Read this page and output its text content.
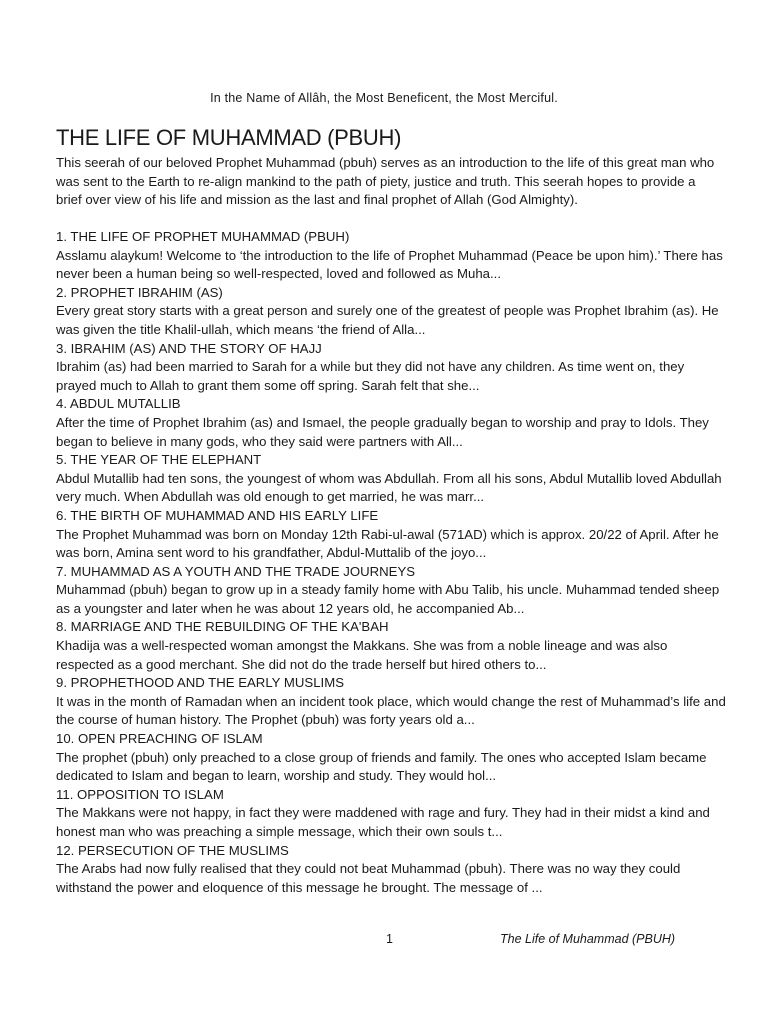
In the Name of Allâh, the Most Beneficent, the Most Merciful.
THE LIFE OF MUHAMMAD (PBUH)

This seerah of our beloved Prophet Muhammad (pbuh) serves as an introduction to the life of this great man who was sent to the Earth to re-align mankind to the path of piety, justice and truth. This seerah hopes to provide a brief over view of his life and mission as the last and final prophet of Allah (God Almighty).

1. THE LIFE OF PROPHET MUHAMMAD (PBUH)
Asslamu alaykum! Welcome to ‘the introduction to the life of Prophet Muhammad (Peace be upon him).’ There has never been a human being so well-respected, loved and followed as Muha...
2. PROPHET IBRAHIM (AS)
Every great story starts with a great person and surely one of the greatest of people was Prophet Ibrahim (as). He was given the title Khalil-ullah, which means ‘the friend of Alla...
3. IBRAHIM (AS) AND THE STORY OF HAJJ
Ibrahim (as) had been married to Sarah for a while but they did not have any children. As time went on, they prayed much to Allah to grant them some off spring. Sarah felt that she...
4. ABDUL MUTALLIB
After the time of Prophet Ibrahim (as) and Ismael, the people gradually began to worship and pray to Idols. They began to believe in many gods, who they said were partners with All...
5. THE YEAR OF THE ELEPHANT
Abdul Mutallib had ten sons, the youngest of whom was Abdullah. From all his sons, Abdul Mutallib loved Abdullah very much. When Abdullah was old enough to get married, he was marr...
6. THE BIRTH OF MUHAMMAD AND HIS EARLY LIFE
The Prophet Muhammad was born on Monday 12th Rabi-ul-awal (571AD) which is approx. 20/22 of April. After he was born, Amina sent word to his grandfather, Abdul-Muttalib of the joyo...
7. MUHAMMAD AS A YOUTH AND THE TRADE JOURNEYS
Muhammad (pbuh) began to grow up in a steady family home with Abu Talib, his uncle. Muhammad tended sheep as a youngster and later when he was about 12 years old, he accompanied Ab...
8. MARRIAGE AND THE REBUILDING OF THE KA'BAH
Khadija was a well-respected woman amongst the Makkans. She was from a noble lineage and was also respected as a good merchant. She did not do the trade herself but hired others to...
9. PROPHETHOOD AND THE EARLY MUSLIMS
It was in the month of Ramadan when an incident took place, which would change the rest of Muhammad’s life and the course of human history. The Prophet (pbuh) was forty years old a...
10. OPEN PREACHING OF ISLAM
The prophet (pbuh) only preached to a close group of friends and family. The ones who accepted Islam became dedicated to Islam and began to learn, worship and study. They would hol...
11. OPPOSITION TO ISLAM
The Makkans were not happy, in fact they were maddened with rage and fury. They had in their midst a kind and honest man who was preaching a simple message, which their own souls t...
12. PERSECUTION OF THE MUSLIMS
The Arabs had now fully realised that they could not beat Muhammad (pbuh). There was no way they could withstand the power and eloquence of this message he brought. The message of ...
1	The Life of Muhammad (PBUH)
